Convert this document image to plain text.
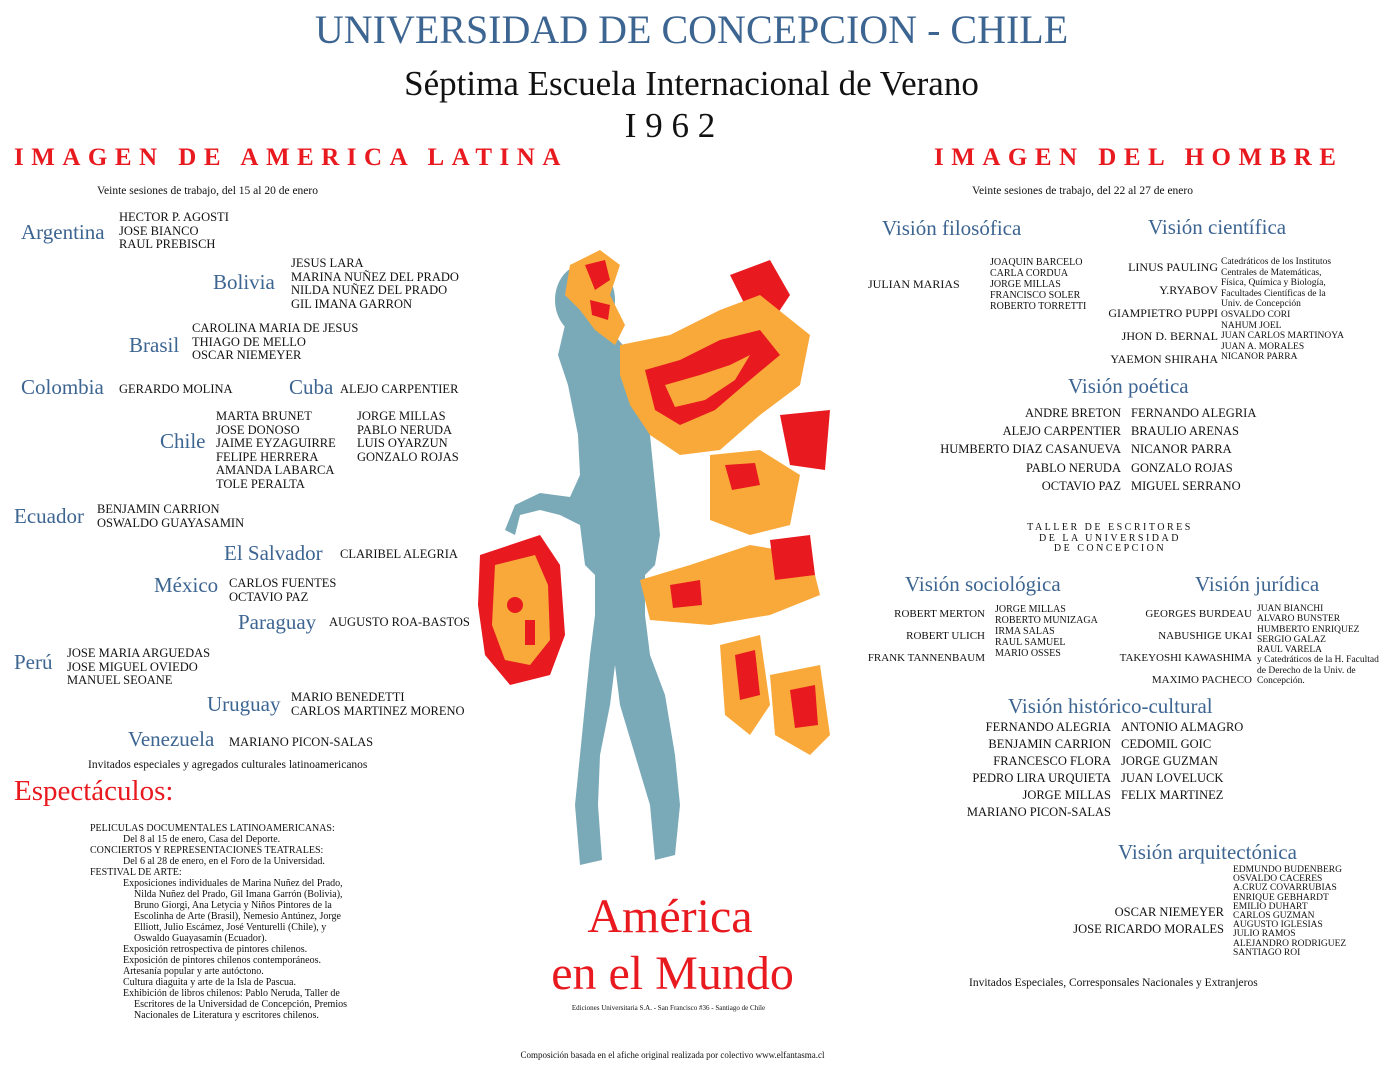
UNIVERSIDAD DE CONCEPCION - CHILE
Séptima Escuela Internacional de Verano
I 9 6 2
IMAGEN DE AMERICA LATINA
Veinte sesiones de trabajo, del 15 al 20 de enero
Argentina
HECTOR P. AGOSTI
JOSE BIANCO
RAUL PREBISCH
Bolivia
JESUS LARA
MARINA NUÑEZ DEL PRADO
NILDA NUÑEZ DEL PRADO
GIL IMANA GARRON
Brasil
CAROLINA MARIA DE JESUS
THIAGO DE MELLO
OSCAR NIEMEYER
Colombia GERARDO MOLINA	Cuba ALEJO CARPENTIER
Chile
MARTA BRUNET
JOSE DONOSO
JAIME EYZAGUIRRE
FELIPE HERRERA
AMANDA LABARCA
TOLE PERALTA
JORGE MILLAS
PABLO NERUDA
LUIS OYARZUN
GONZALO ROJAS
Ecuador BENJAMIN CARRION
OSWALDO GUAYASAMIN
El Salvador CLARIBEL ALEGRIA
México CARLOS FUENTES
OCTAVIO PAZ
Paraguay AUGUSTO ROA-BASTOS
Perú JOSE MARIA ARGUEDAS
JOSE MIGUEL OVIEDO
MANUEL SEOANE
Uruguay MARIO BENEDETTI
CARLOS MARTINEZ MORENO
Venezuela MARIANO PICON-SALAS
Invitados especiales y agregados culturales latinoamericanos
Espectáculos:
PELICULAS DOCUMENTALES LATINOAMERICANAS:
Del 8 al 15 de enero, Casa del Deporte.
CONCIERTOS Y REPRESENTACIONES TEATRALES:
Del 6 al 28 de enero, en el Foro de la Universidad.
FESTIVAL DE ARTE:
Exposiciones individuales de Marina Nuñez del Prado,
Nilda Nuñez del Prado, Gil Imana Garrón (Bolivia),
Bruno Giorgi, Ana Letycia y Niños Pintores de la
Escolinha de Arte (Brasil), Nemesio Antúnez, Jorge
Elliott, Julio Escámez, José Venturelli (Chile), y
Oswaldo Guayasamín (Ecuador).
Exposición retrospectiva de pintores chilenos.
Exposición de pintores chilenos contemporáneos.
Artesanía popular y arte autóctono.
Cultura diaguita y arte de la Isla de Pascua.
Exhibición de libros chilenos: Pablo Neruda, Taller de
Escritores de la Universidad de Concepción, Premios
Nacionales de Literatura y escritores chilenos.
América
en el Mundo
Ediciones Universitaria S.A. - San Francisco #36 - Santiago de Chile
Composición basada en el afiche original realizada por colectivo www.elfantasma.cl
IMAGEN DEL HOMBRE
Veinte sesiones de trabajo, del 22 al 27 de enero
Visión filosófica
JULIAN MARIAS
JOAQUIN BARCELO
CARLA CORDUA
JORGE MILLAS
FRANCISCO SOLER
ROBERTO TORRETTI
Visión científica
LINUS PAULING
Y.RYABOV
GIAMPIETRO PUPPI
JHON D. BERNAL
YAEMON SHIRAHA
Catedráticos de los Institutos
Centrales de Matemáticas,
Física, Química y Biología,
Facultades Científicas de la
Univ. de Concepción
OSVALDO CORI
NAHUM JOEL
JUAN CARLOS MARTINOYA
JUAN A. MORALES
NICANOR PARRA
Visión poética
ANDRE BRETON
ALEJO CARPENTIER
HUMBERTO DIAZ CASANUEVA
PABLO NERUDA
OCTAVIO PAZ
FERNANDO ALEGRIA
BRAULIO ARENAS
NICANOR PARRA
GONZALO ROJAS
MIGUEL SERRANO
TALLER DE ESCRITORES
DE LA UNIVERSIDAD
DE CONCEPCION
Visión sociológica
ROBERT MERTON
ROBERT ULICH
FRANK TANNENBAUM
JORGE MILLAS
ROBERTO MUNIZAGA
IRMA SALAS
RAUL SAMUEL
MARIO OSSES
Visión jurídica
GEORGES BURDEAU
NABUSHIGE UKAI
TAKEYOSHI KAWASHIMA
MAXIMO PACHECO
JUAN BIANCHI
ALVARO BUNSTER
HUMBERTO ENRIQUEZ
SERGIO GALAZ
RAUL VARELA
y Catedráticos de la H. Facultad
de Derecho de la Univ. de
Concepción.
Visión histórico-cultural
FERNANDO ALEGRIA
BENJAMIN CARRION
FRANCESCO FLORA
PEDRO LIRA URQUIETA
JORGE MILLAS
MARIANO PICON-SALAS
ANTONIO ALMAGRO
CEDOMIL GOIC
JORGE GUZMAN
JUAN LOVELUCK
FELIX MARTINEZ
Visión arquitectónica
OSCAR NIEMEYER
JOSE RICARDO MORALES
EDMUNDO BUDENBERG
OSVALDO CACERES
A.CRUZ COVARRUBIAS
ENRIQUE GEBHARDT
EMILIO DUHART
CARLOS GUZMAN
AUGUSTO IGLESIAS
JULIO RAMOS
ALEJANDRO RODRIGUEZ
SANTIAGO ROI
Invitados Especiales, Corresponsales Nacionales y Extranjeros
